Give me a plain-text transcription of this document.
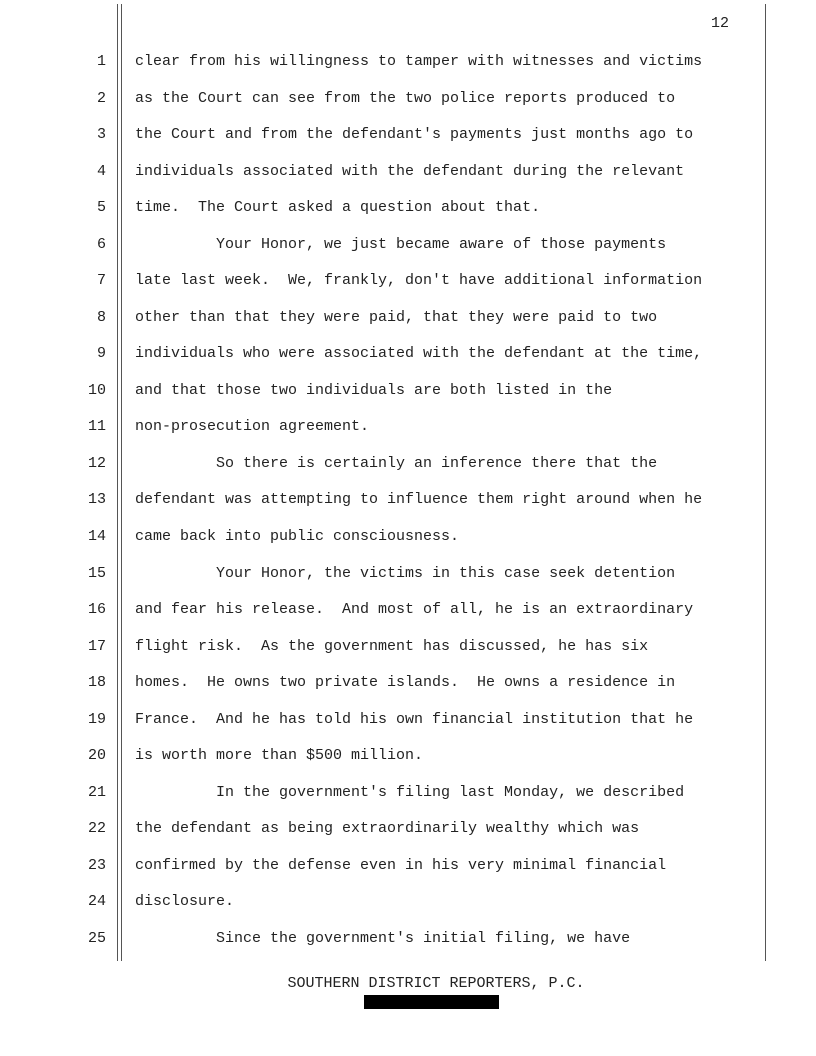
12
1 clear from his willingness to tamper with witnesses and victims
2 as the Court can see from the two police reports produced to
3 the Court and from the defendant's payments just months ago to
4 individuals associated with the defendant during the relevant
5 time.  The Court asked a question about that.
6 Your Honor, we just became aware of those payments
7 late last week.  We, frankly, don't have additional information
8 other than that they were paid, that they were paid to two
9 individuals who were associated with the defendant at the time,
10 and that those two individuals are both listed in the
11 non-prosecution agreement.
12 So there is certainly an inference there that the
13 defendant was attempting to influence them right around when he
14 came back into public consciousness.
15 Your Honor, the victims in this case seek detention
16 and fear his release.  And most of all, he is an extraordinary
17 flight risk.  As the government has discussed, he has six
18 homes.  He owns two private islands.  He owns a residence in
19 France.  And he has told his own financial institution that he
20 is worth more than $500 million.
21 In the government's filing last Monday, we described
22 the defendant as being extraordinarily wealthy which was
23 confirmed by the defense even in his very minimal financial
24 disclosure.
25 Since the government's initial filing, we have
SOUTHERN DISTRICT REPORTERS, P.C.
